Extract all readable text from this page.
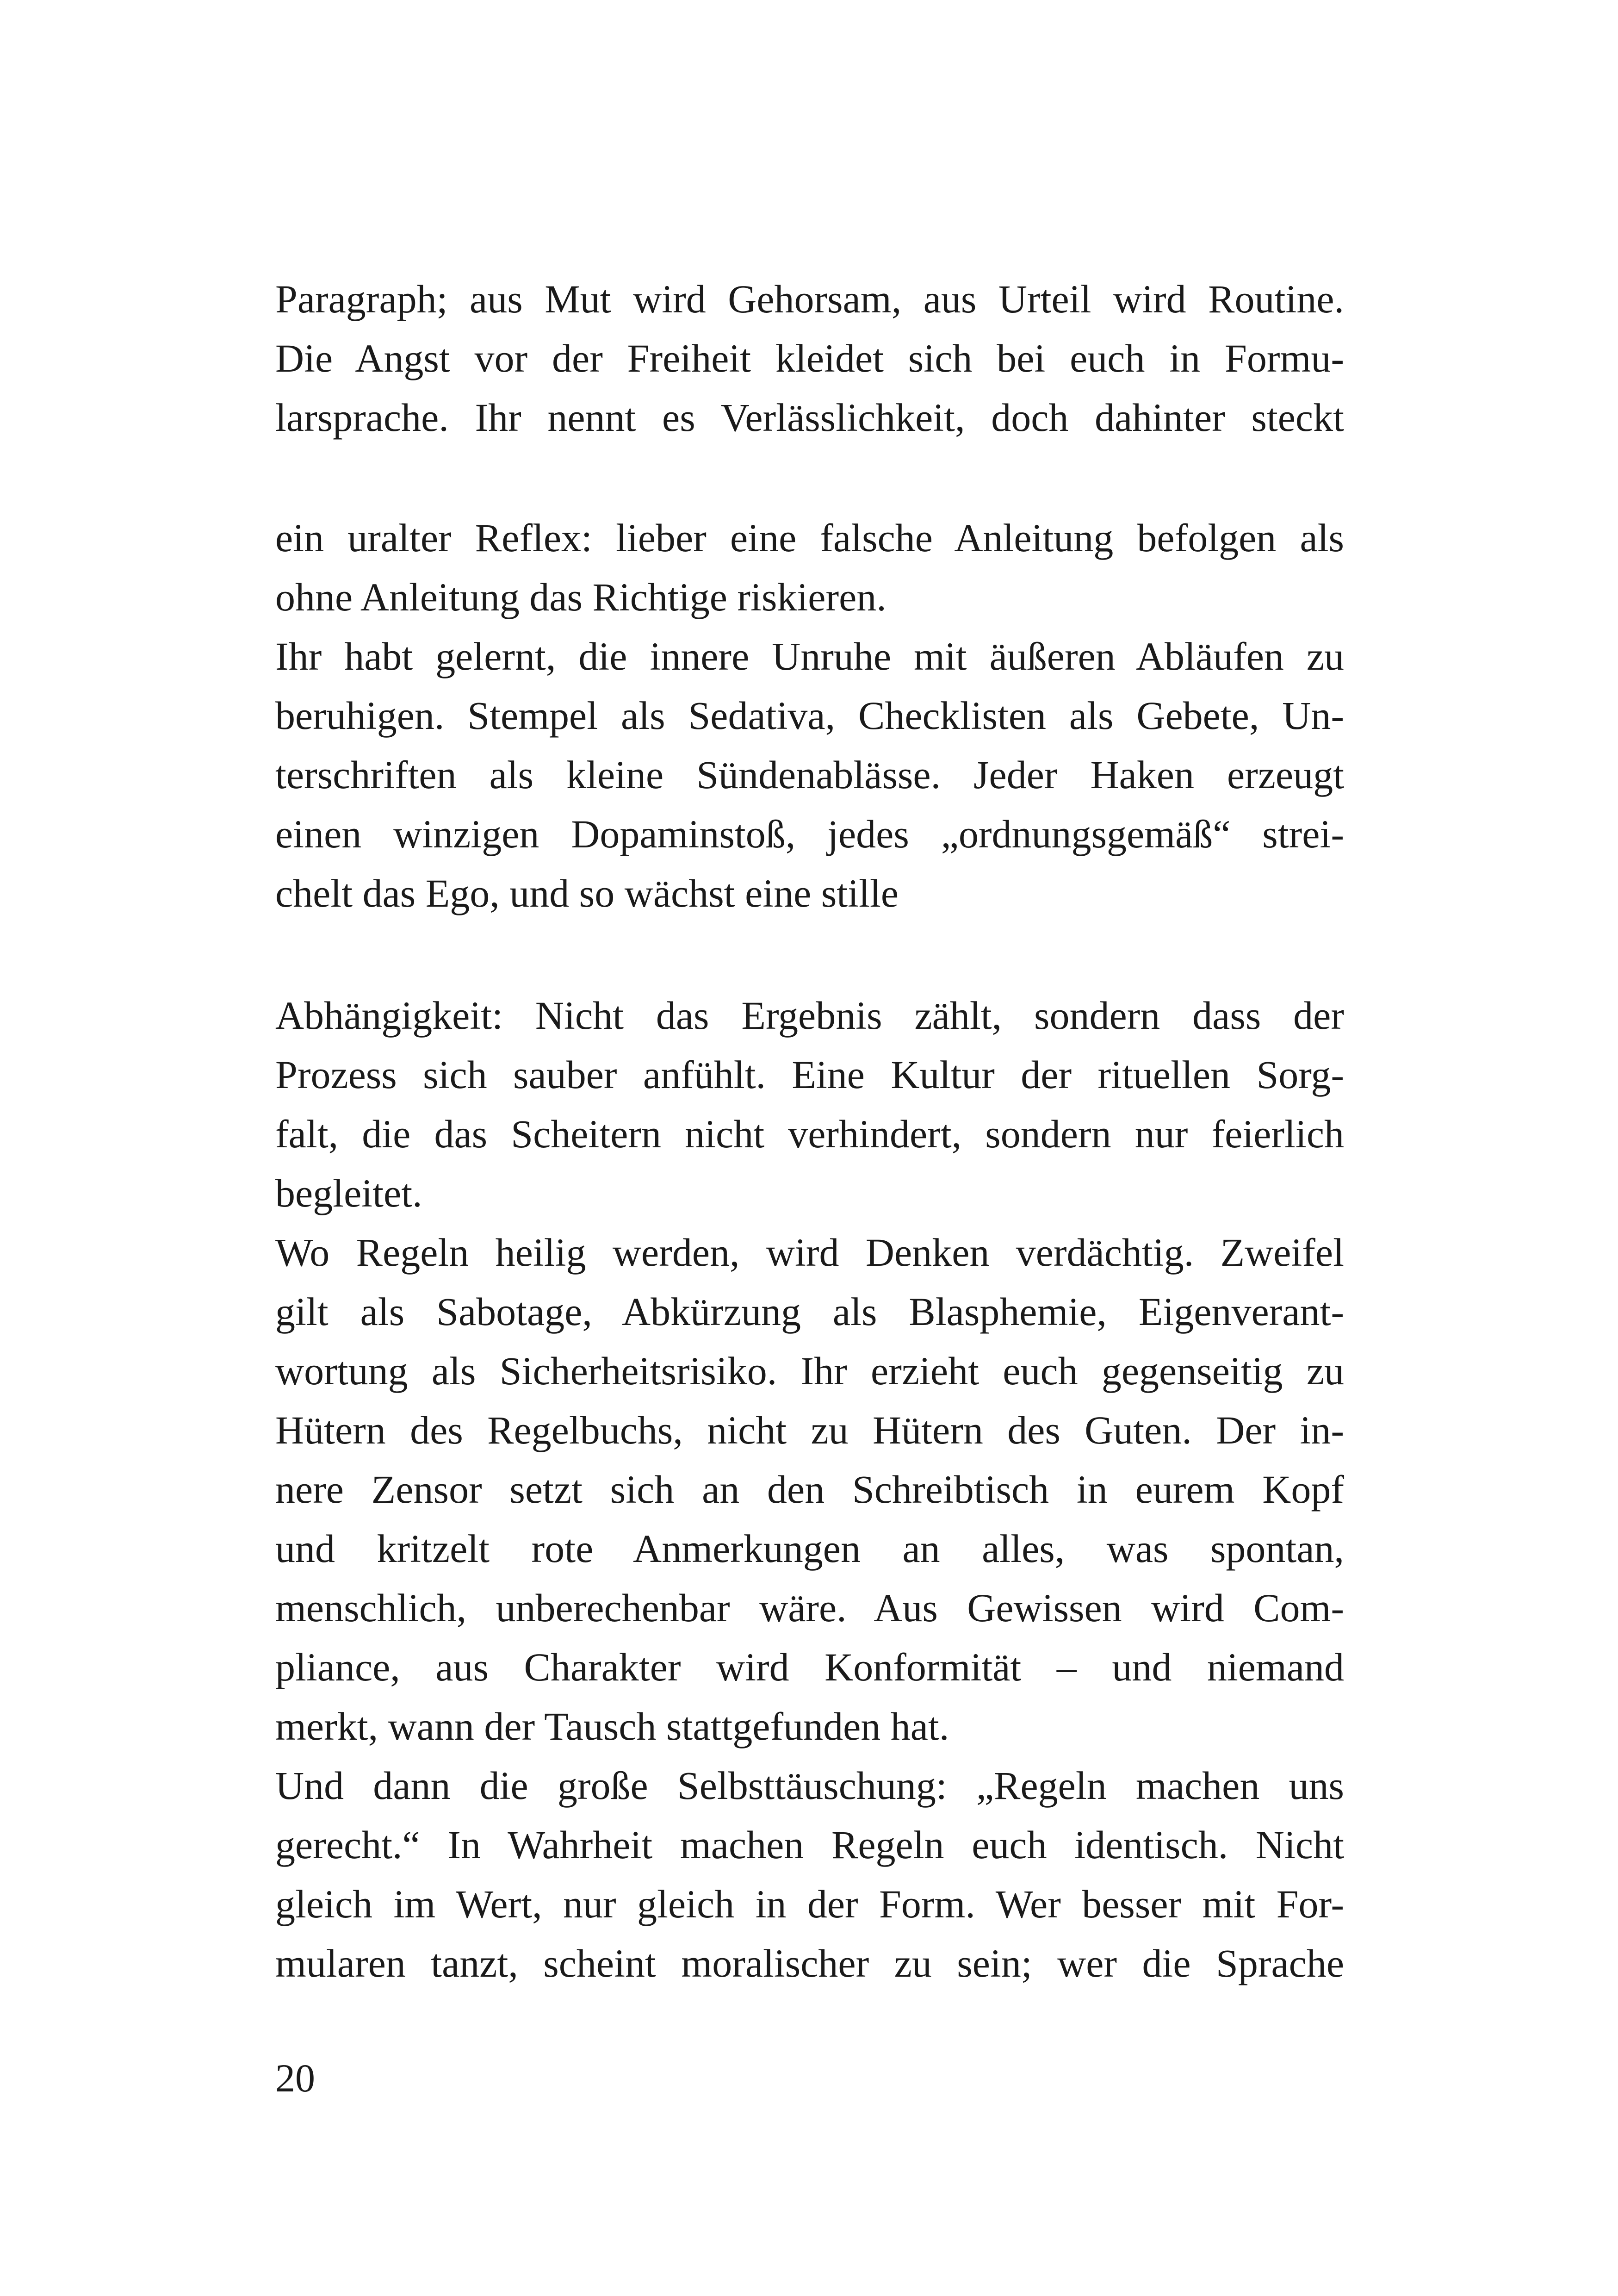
Paragraph; aus Mut wird Gehorsam, aus Urteil wird Routine.
Die Angst vor der Freiheit kleidet sich bei euch in Formu-
larsprache. Ihr nennt es Verlässlichkeit, doch dahinter steckt
ein uralter Reflex: lieber eine falsche Anleitung befolgen als
ohne Anleitung das Richtige riskieren.
Ihr habt gelernt, die innere Unruhe mit äußeren Abläufen zu
beruhigen. Stempel als Sedativa, Checklisten als Gebete, Un-
terschriften als kleine Sündenablässe. Jeder Haken erzeugt
einen winzigen Dopaminstoß, jedes „ordnungsgemäß“ strei-
chelt das Ego, und so wächst eine stille
Abhängigkeit: Nicht das Ergebnis zählt, sondern dass der
Prozess sich sauber anfühlt. Eine Kultur der rituellen Sorg-
falt, die das Scheitern nicht verhindert, sondern nur feierlich
begleitet.
Wo Regeln heilig werden, wird Denken verdächtig. Zweifel
gilt als Sabotage, Abkürzung als Blasphemie, Eigenverant-
wortung als Sicherheitsrisiko. Ihr erzieht euch gegenseitig zu
Hütern des Regelbuchs, nicht zu Hütern des Guten. Der in-
nere Zensor setzt sich an den Schreibtisch in eurem Kopf
und kritzelt rote Anmerkungen an alles, was spontan,
menschlich, unberechenbar wäre. Aus Gewissen wird Com-
pliance, aus Charakter wird Konformität – und niemand
merkt, wann der Tausch stattgefunden hat.
Und dann die große Selbsttäuschung: „Regeln machen uns
gerecht.“ In Wahrheit machen Regeln euch identisch. Nicht
gleich im Wert, nur gleich in der Form. Wer besser mit For-
mularen tanzt, scheint moralischer zu sein; wer die Sprache
20
